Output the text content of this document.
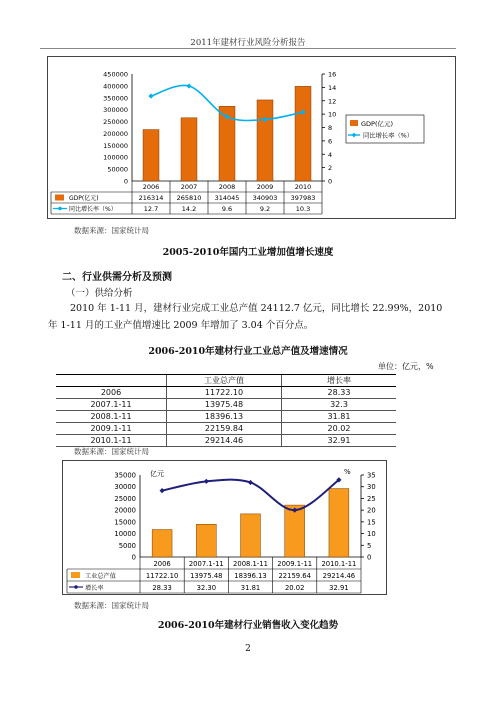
2011年建材行业风险分析报告
0
50000
100000
150000
200000
250000
300000
350000
400000
450000
0
2
4
6
8
10
12
14
16
2006	2007	2008	2009	2010
GDP(亿元)	216314 265810 314045 340903 397983
同比增长率（%）	12.7	14.2	9.6	9.2	10.3
GDP(亿元)
同比增长率（%）
数据来源：国家统计局
2005-2010年国内工业增加值增长速度
二、行业供需分析及预测
（一）供给分析
2010 年 1-11 月，建材行业完成工业总产值 24112.7 亿元，同比增长 22.99%，2010
年 1-11 月的工业产值增速比 2009 年增加了 3.04 个百分点。
2006-2010年建材行业工业总产值及增速情况
单位：亿元，%
	工业总产值	增长率
2006	11722.10	28.33
2007.1-11	13975.48	32.3
2008.1-11	18396.13	31.81
2009.1-11	22159.84	20.02
2010.1-11	29214.46	32.91
数据来源：国家统计局
0
5000
10000
15000
20000
25000
30000
35000
0
5
10
15
20
25
30
35
2006	2007.1-11 2008.1-11 2009.1-11 2010.1-11
工业总产值	11722.10 13975.48 18396.13 22159.64 29214.46
增长率	28.33	32.30	31.81	20.02	32.91
亿元	%
数据来源：国家统计局
2006-2010年建材行业销售收入变化趋势
2
